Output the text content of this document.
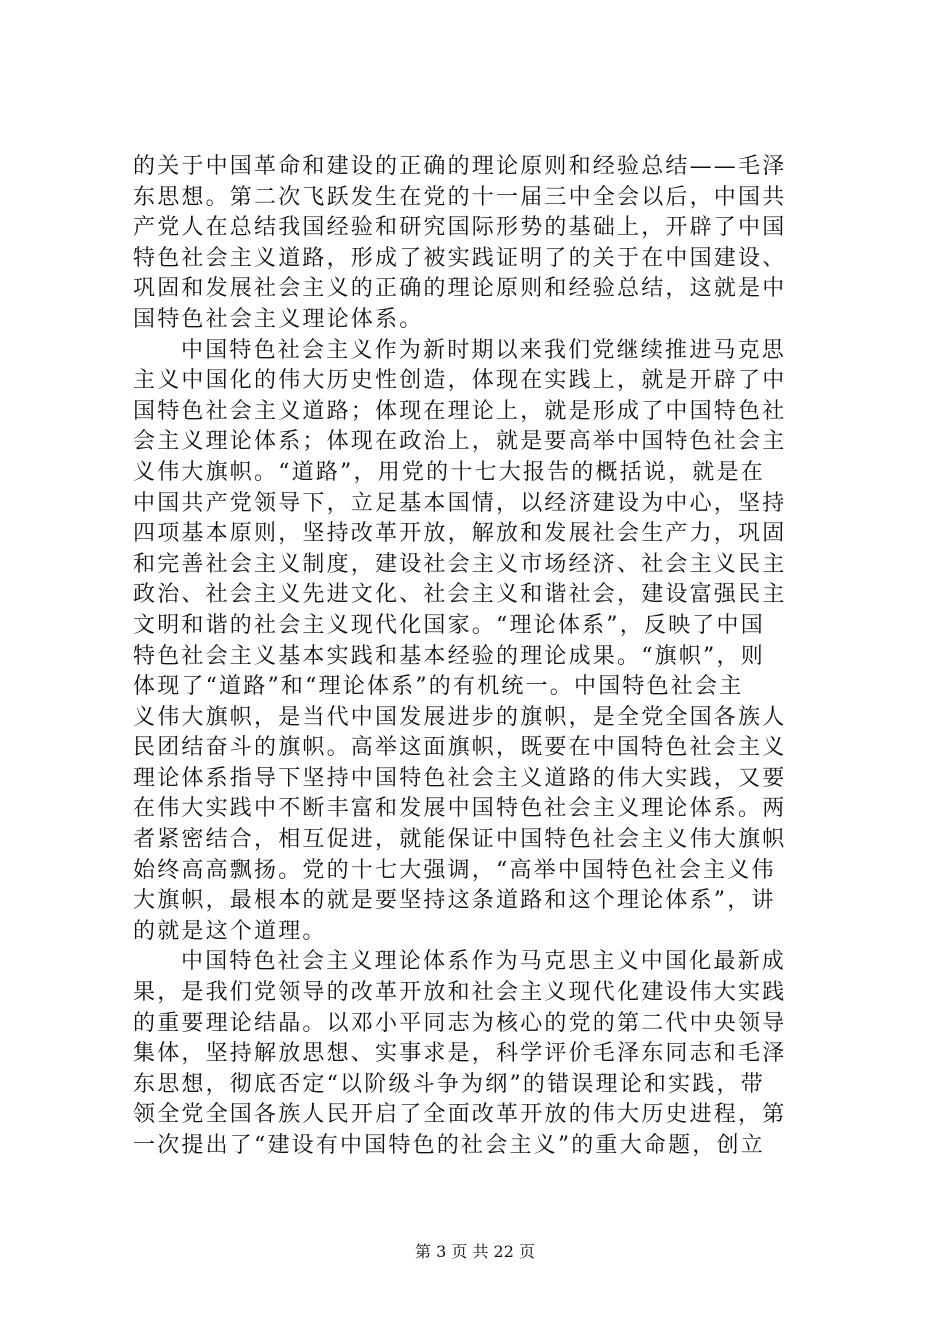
的关于中国革命和建设的正确的理论原则和经验总结——毛泽
东思想。第二次飞跃发生在党的十一届三中全会以后，中国共
产党人在总结我国经验和研究国际形势的基础上，开辟了中国
特色社会主义道路，形成了被实践证明了的关于在中国建设、
巩固和发展社会主义的正确的理论原则和经验总结，这就是中
国特色社会主义理论体系。
中国特色社会主义作为新时期以来我们党继续推进马克思
主义中国化的伟大历史性创造，体现在实践上，就是开辟了中
国特色社会主义道路；体现在理论上，就是形成了中国特色社
会主义理论体系；体现在政治上，就是要高举中国特色社会主
义伟大旗帜。“道路”，用党的十七大报告的概括说，就是在
中国共产党领导下，立足基本国情，以经济建设为中心，坚持
四项基本原则，坚持改革开放，解放和发展社会生产力，巩固
和完善社会主义制度，建设社会主义市场经济、社会主义民主
政治、社会主义先进文化、社会主义和谐社会，建设富强民主
文明和谐的社会主义现代化国家。“理论体系”，反映了中国
特色社会主义基本实践和基本经验的理论成果。“旗帜”，则
体现了“道路”和“理论体系”的有机统一。中国特色社会主
义伟大旗帜，是当代中国发展进步的旗帜，是全党全国各族人
民团结奋斗的旗帜。高举这面旗帜，既要在中国特色社会主义
理论体系指导下坚持中国特色社会主义道路的伟大实践，又要
在伟大实践中不断丰富和发展中国特色社会主义理论体系。两
者紧密结合，相互促进，就能保证中国特色社会主义伟大旗帜
始终高高飘扬。党的十七大强调，“高举中国特色社会主义伟
大旗帜，最根本的就是要坚持这条道路和这个理论体系”，讲
的就是这个道理。
中国特色社会主义理论体系作为马克思主义中国化最新成
果，是我们党领导的改革开放和社会主义现代化建设伟大实践
的重要理论结晶。以邓小平同志为核心的党的第二代中央领导
集体，坚持解放思想、实事求是，科学评价毛泽东同志和毛泽
东思想，彻底否定“以阶级斗争为纲”的错误理论和实践，带
领全党全国各族人民开启了全面改革开放的伟大历史进程，第
一次提出了“建设有中国特色的社会主义”的重大命题，创立
第 3 页 共 22 页
